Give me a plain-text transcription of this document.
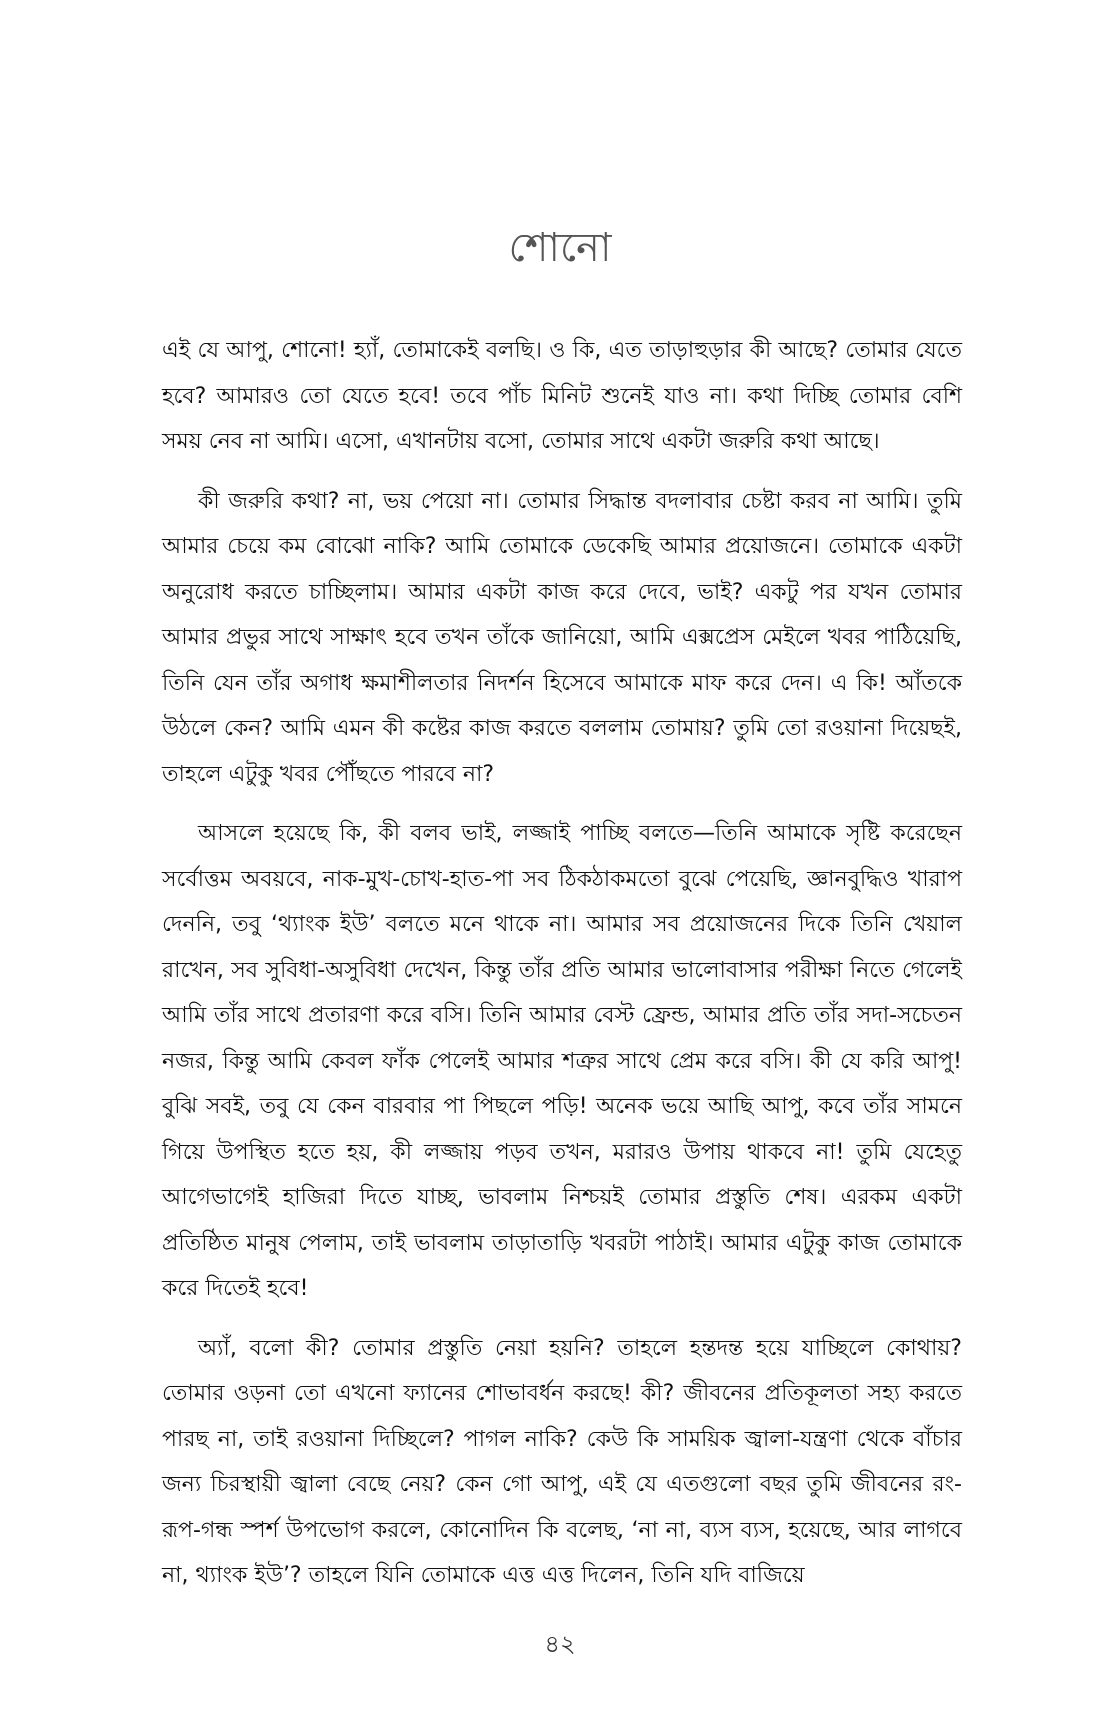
শোনো

এই যে আপু, শোনো! হ্যাঁ, তোমাকেই বলছি। ও কি, এত তাড়াহুড়ার কী আছে? তোমার যেতে হবে? আমারও তো যেতে হবে! তবে পাঁচ মিনিট শুনেই যাও না। কথা দিচ্ছি তোমার বেশি সময় নেব না আমি। এসো, এখানটায় বসো, তোমার সাথে একটা জরুরি কথা আছে।

কী জরুরি কথা? না, ভয় পেয়ো না। তোমার সিদ্ধান্ত বদলাবার চেষ্টা করব না আমি। তুমি আমার চেয়ে কম বোঝো নাকি? আমি তোমাকে ডেকেছি আমার প্রয়োজনে। তোমাকে একটা অনুরোধ করতে চাচ্ছিলাম। আমার একটা কাজ করে দেবে, ভাই? একটু পর যখন তোমার আমার প্রভুর সাথে সাক্ষাৎ হবে তখন তাঁকে জানিয়ো, আমি এক্সপ্রেস মেইলে খবর পাঠিয়েছি, তিনি যেন তাঁর অগাধ ক্ষমাশীলতার নিদর্শন হিসেবে আমাকে মাফ করে দেন। এ কি! আঁতকে উঠলে কেন? আমি এমন কী কষ্টের কাজ করতে বললাম তোমায়? তুমি তো রওয়ানা দিয়েছই, তাহলে এটুকু খবর পৌঁছতে পারবে না?

আসলে হয়েছে কি, কী বলব ভাই, লজ্জাই পাচ্ছি বলতে—তিনি আমাকে সৃষ্টি করেছেন সর্বোত্তম অবয়বে, নাক-মুখ-চোখ-হাত-পা সব ঠিকঠাকমতো বুঝে পেয়েছি, জ্ঞানবুদ্ধিও খারাপ দেননি, তবু ‘থ্যাংক ইউ’ বলতে মনে থাকে না। আমার সব প্রয়োজনের দিকে তিনি খেয়াল রাখেন, সব সুবিধা-অসুবিধা দেখেন, কিন্তু তাঁর প্রতি আমার ভালোবাসার পরীক্ষা নিতে গেলেই আমি তাঁর সাথে প্রতারণা করে বসি। তিনি আমার বেস্ট ফ্রেন্ড, আমার প্রতি তাঁর সদা-সচেতন নজর, কিন্তু আমি কেবল ফাঁক পেলেই আমার শত্রুর সাথে প্রেম করে বসি। কী যে করি আপু! বুঝি সবই, তবু যে কেন বারবার পা পিছলে পড়ি! অনেক ভয়ে আছি আপু, কবে তাঁর সামনে গিয়ে উপস্থিত হতে হয়, কী লজ্জায় পড়ব তখন, মরারও উপায় থাকবে না! তুমি যেহেতু আগেভাগেই হাজিরা দিতে যাচ্ছ, ভাবলাম নিশ্চয়ই তোমার প্রস্তুতি শেষ। এরকম একটা প্রতিষ্ঠিত মানুষ পেলাম, তাই ভাবলাম তাড়াতাড়ি খবরটা পাঠাই। আমার এটুকু কাজ তোমাকে করে দিতেই হবে!

অ্যাঁ, বলো কী? তোমার প্রস্তুতি নেয়া হয়নি? তাহলে হন্তদন্ত হয়ে যাচ্ছিলে কোথায়? তোমার ওড়না তো এখনো ফ্যানের শোভাবর্ধন করছে! কী? জীবনের প্রতিকূলতা সহ্য করতে পারছ না, তাই রওয়ানা দিচ্ছিলে? পাগল নাকি? কেউ কি সাময়িক জ্বালা-যন্ত্রণা থেকে বাঁচার জন্য চিরস্থায়ী জ্বালা বেছে নেয়? কেন গো আপু, এই যে এতগুলো বছর তুমি জীবনের রং-রূপ-গন্ধ স্পর্শ উপভোগ করলে, কোনোদিন কি বলেছ, ‘না না, ব্যস ব্যস, হয়েছে, আর লাগবে না, থ্যাংক ইউ’? তাহলে যিনি তোমাকে এত্ত এত্ত দিলেন, তিনি যদি বাজিয়ে

৪২
